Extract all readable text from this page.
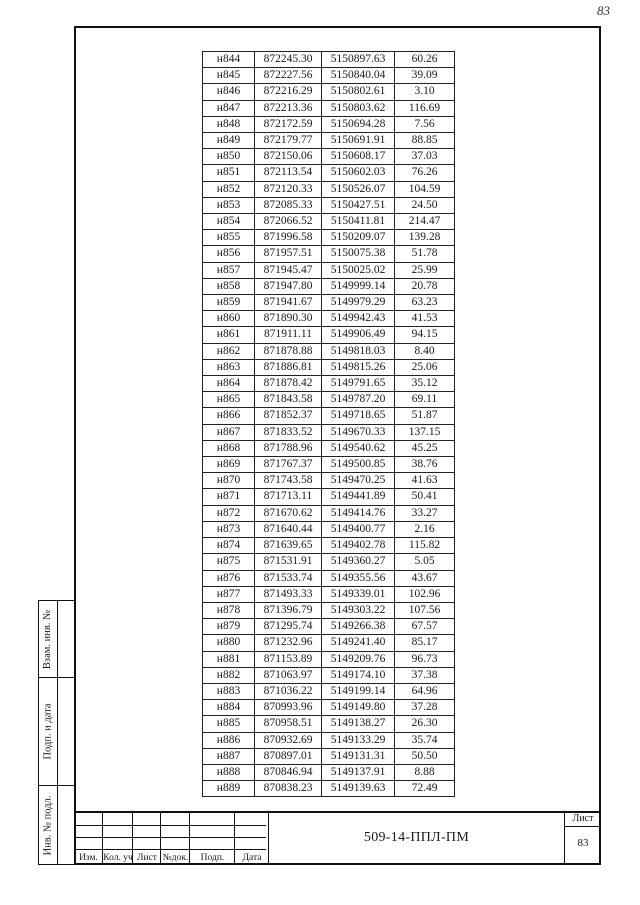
83
Взам. инв. №
Подп. и дата
Инв. № подл.
н844	872245.30	5150897.63	60.26
н845	872227.56	5150840.04	39.09
н846	872216.29	5150802.61	3.10
н847	872213.36	5150803.62	116.69
н848	872172.59	5150694.28	7.56
н849	872179.77	5150691.91	88.85
н850	872150.06	5150608.17	37.03
н851	872113.54	5150602.03	76.26
н852	872120.33	5150526.07	104.59
н853	872085.33	5150427.51	24.50
н854	872066.52	5150411.81	214.47
н855	871996.58	5150209.07	139.28
н856	871957.51	5150075.38	51.78
н857	871945.47	5150025.02	25.99
н858	871947.80	5149999.14	20.78
н859	871941.67	5149979.29	63.23
н860	871890.30	5149942.43	41.53
н861	871911.11	5149906.49	94.15
н862	871878.88	5149818.03	8.40
н863	871886.81	5149815.26	25.06
н864	871878.42	5149791.65	35.12
н865	871843.58	5149787.20	69.11
н866	871852.37	5149718.65	51.87
н867	871833.52	5149670.33	137.15
н868	871788.96	5149540.62	45.25
н869	871767.37	5149500.85	38.76
н870	871743.58	5149470.25	41.63
н871	871713.11	5149441.89	50.41
н872	871670.62	5149414.76	33.27
н873	871640.44	5149400.77	2.16
н874	871639.65	5149402.78	115.82
н875	871531.91	5149360.27	5.05
н876	871533.74	5149355.56	43.67
н877	871493.33	5149339.01	102.96
н878	871396.79	5149303.22	107.56
н879	871295.74	5149266.38	67.57
н880	871232.96	5149241.40	85.17
н881	871153.89	5149209.76	96.73
н882	871063.97	5149174.10	37.38
н883	871036.22	5149199.14	64.96
н884	870993.96	5149149.80	37.28
н885	870958.51	5149138.27	26.30
н886	870932.69	5149133.29	35.74
н887	870897.01	5149131.31	50.50
н888	870846.94	5149137.91	8.88
н889	870838.23	5149139.63	72.49
Изм. Кол. уч Лист №док.	Подп.	Дата
509-14-ППЛ-ПМ
Лист
83
